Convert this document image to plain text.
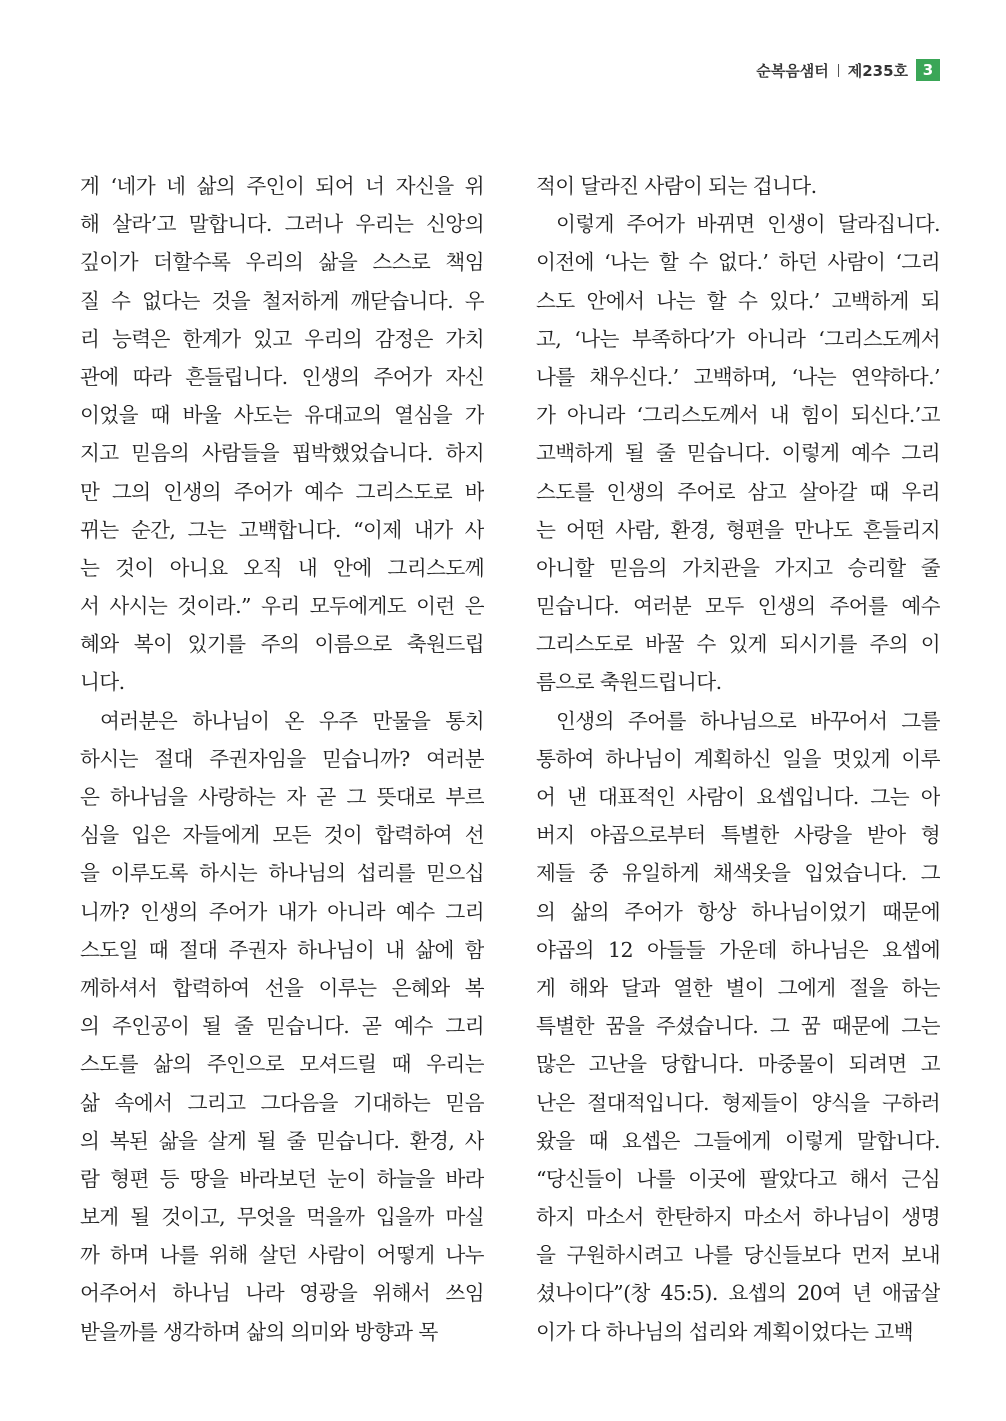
순복음샘터 제235호 3
게 ‘네가 네 삶의 주인이 되어 너 자신을 위
해 살라’고 말합니다. 그러나 우리는 신앙의
깊이가 더할수록 우리의 삶을 스스로 책임
질 수 없다는 것을 철저하게 깨닫습니다. 우
리 능력은 한계가 있고 우리의 감정은 가치
관에 따라 흔들립니다. 인생의 주어가 자신
이었을 때 바울 사도는 유대교의 열심을 가
지고 믿음의 사람들을 핍박했었습니다. 하지
만 그의 인생의 주어가 예수 그리스도로 바
뀌는 순간, 그는 고백합니다. “이제 내가 사
는 것이 아니요 오직 내 안에 그리스도께
서 사시는 것이라.” 우리 모두에게도 이런 은
혜와 복이 있기를 주의 이름으로 축원드립
니다.
여러분은 하나님이 온 우주 만물을 통치
하시는 절대 주권자임을 믿습니까? 여러분
은 하나님을 사랑하는 자 곧 그 뜻대로 부르
심을 입은 자들에게 모든 것이 합력하여 선
을 이루도록 하시는 하나님의 섭리를 믿으십
니까? 인생의 주어가 내가 아니라 예수 그리
스도일 때 절대 주권자 하나님이 내 삶에 함
께하셔서 합력하여 선을 이루는 은혜와 복
의 주인공이 될 줄 믿습니다. 곧 예수 그리
스도를 삶의 주인으로 모셔드릴 때 우리는
삶 속에서 그리고 그다음을 기대하는 믿음
의 복된 삶을 살게 될 줄 믿습니다. 환경, 사
람 형편 등 땅을 바라보던 눈이 하늘을 바라
보게 될 것이고, 무엇을 먹을까 입을까 마실
까 하며 나를 위해 살던 사람이 어떻게 나누
어주어서 하나님 나라 영광을 위해서 쓰임
받을까를 생각하며 삶의 의미와 방향과 목
적이 달라진 사람이 되는 겁니다.
이렇게 주어가 바뀌면 인생이 달라집니다.
이전에 ‘나는 할 수 없다.’ 하던 사람이 ‘그리
스도 안에서 나는 할 수 있다.’ 고백하게 되
고, ‘나는 부족하다’가 아니라 ‘그리스도께서
나를 채우신다.’ 고백하며, ‘나는 연약하다.’
가 아니라 ‘그리스도께서 내 힘이 되신다.’고
고백하게 될 줄 믿습니다. 이렇게 예수 그리
스도를 인생의 주어로 삼고 살아갈 때 우리
는 어떤 사람, 환경, 형편을 만나도 흔들리지
아니할 믿음의 가치관을 가지고 승리할 줄
믿습니다. 여러분 모두 인생의 주어를 예수
그리스도로 바꿀 수 있게 되시기를 주의 이
름으로 축원드립니다.
인생의 주어를 하나님으로 바꾸어서 그를
통하여 하나님이 계획하신 일을 멋있게 이루
어 낸 대표적인 사람이 요셉입니다. 그는 아
버지 야곱으로부터 특별한 사랑을 받아 형
제들 중 유일하게 채색옷을 입었습니다. 그
의 삶의 주어가 항상 하나님이었기 때문에
야곱의 12 아들들 가운데 하나님은 요셉에
게 해와 달과 열한 별이 그에게 절을 하는
특별한 꿈을 주셨습니다. 그 꿈 때문에 그는
많은 고난을 당합니다. 마중물이 되려면 고
난은 절대적입니다. 형제들이 양식을 구하러
왔을 때 요셉은 그들에게 이렇게 말합니다.
“당신들이 나를 이곳에 팔았다고 해서 근심
하지 마소서 한탄하지 마소서 하나님이 생명
을 구원하시려고 나를 당신들보다 먼저 보내
셨나이다”(창 45:5). 요셉의 20여 년 애굽살
이가 다 하나님의 섭리와 계획이었다는 고백
